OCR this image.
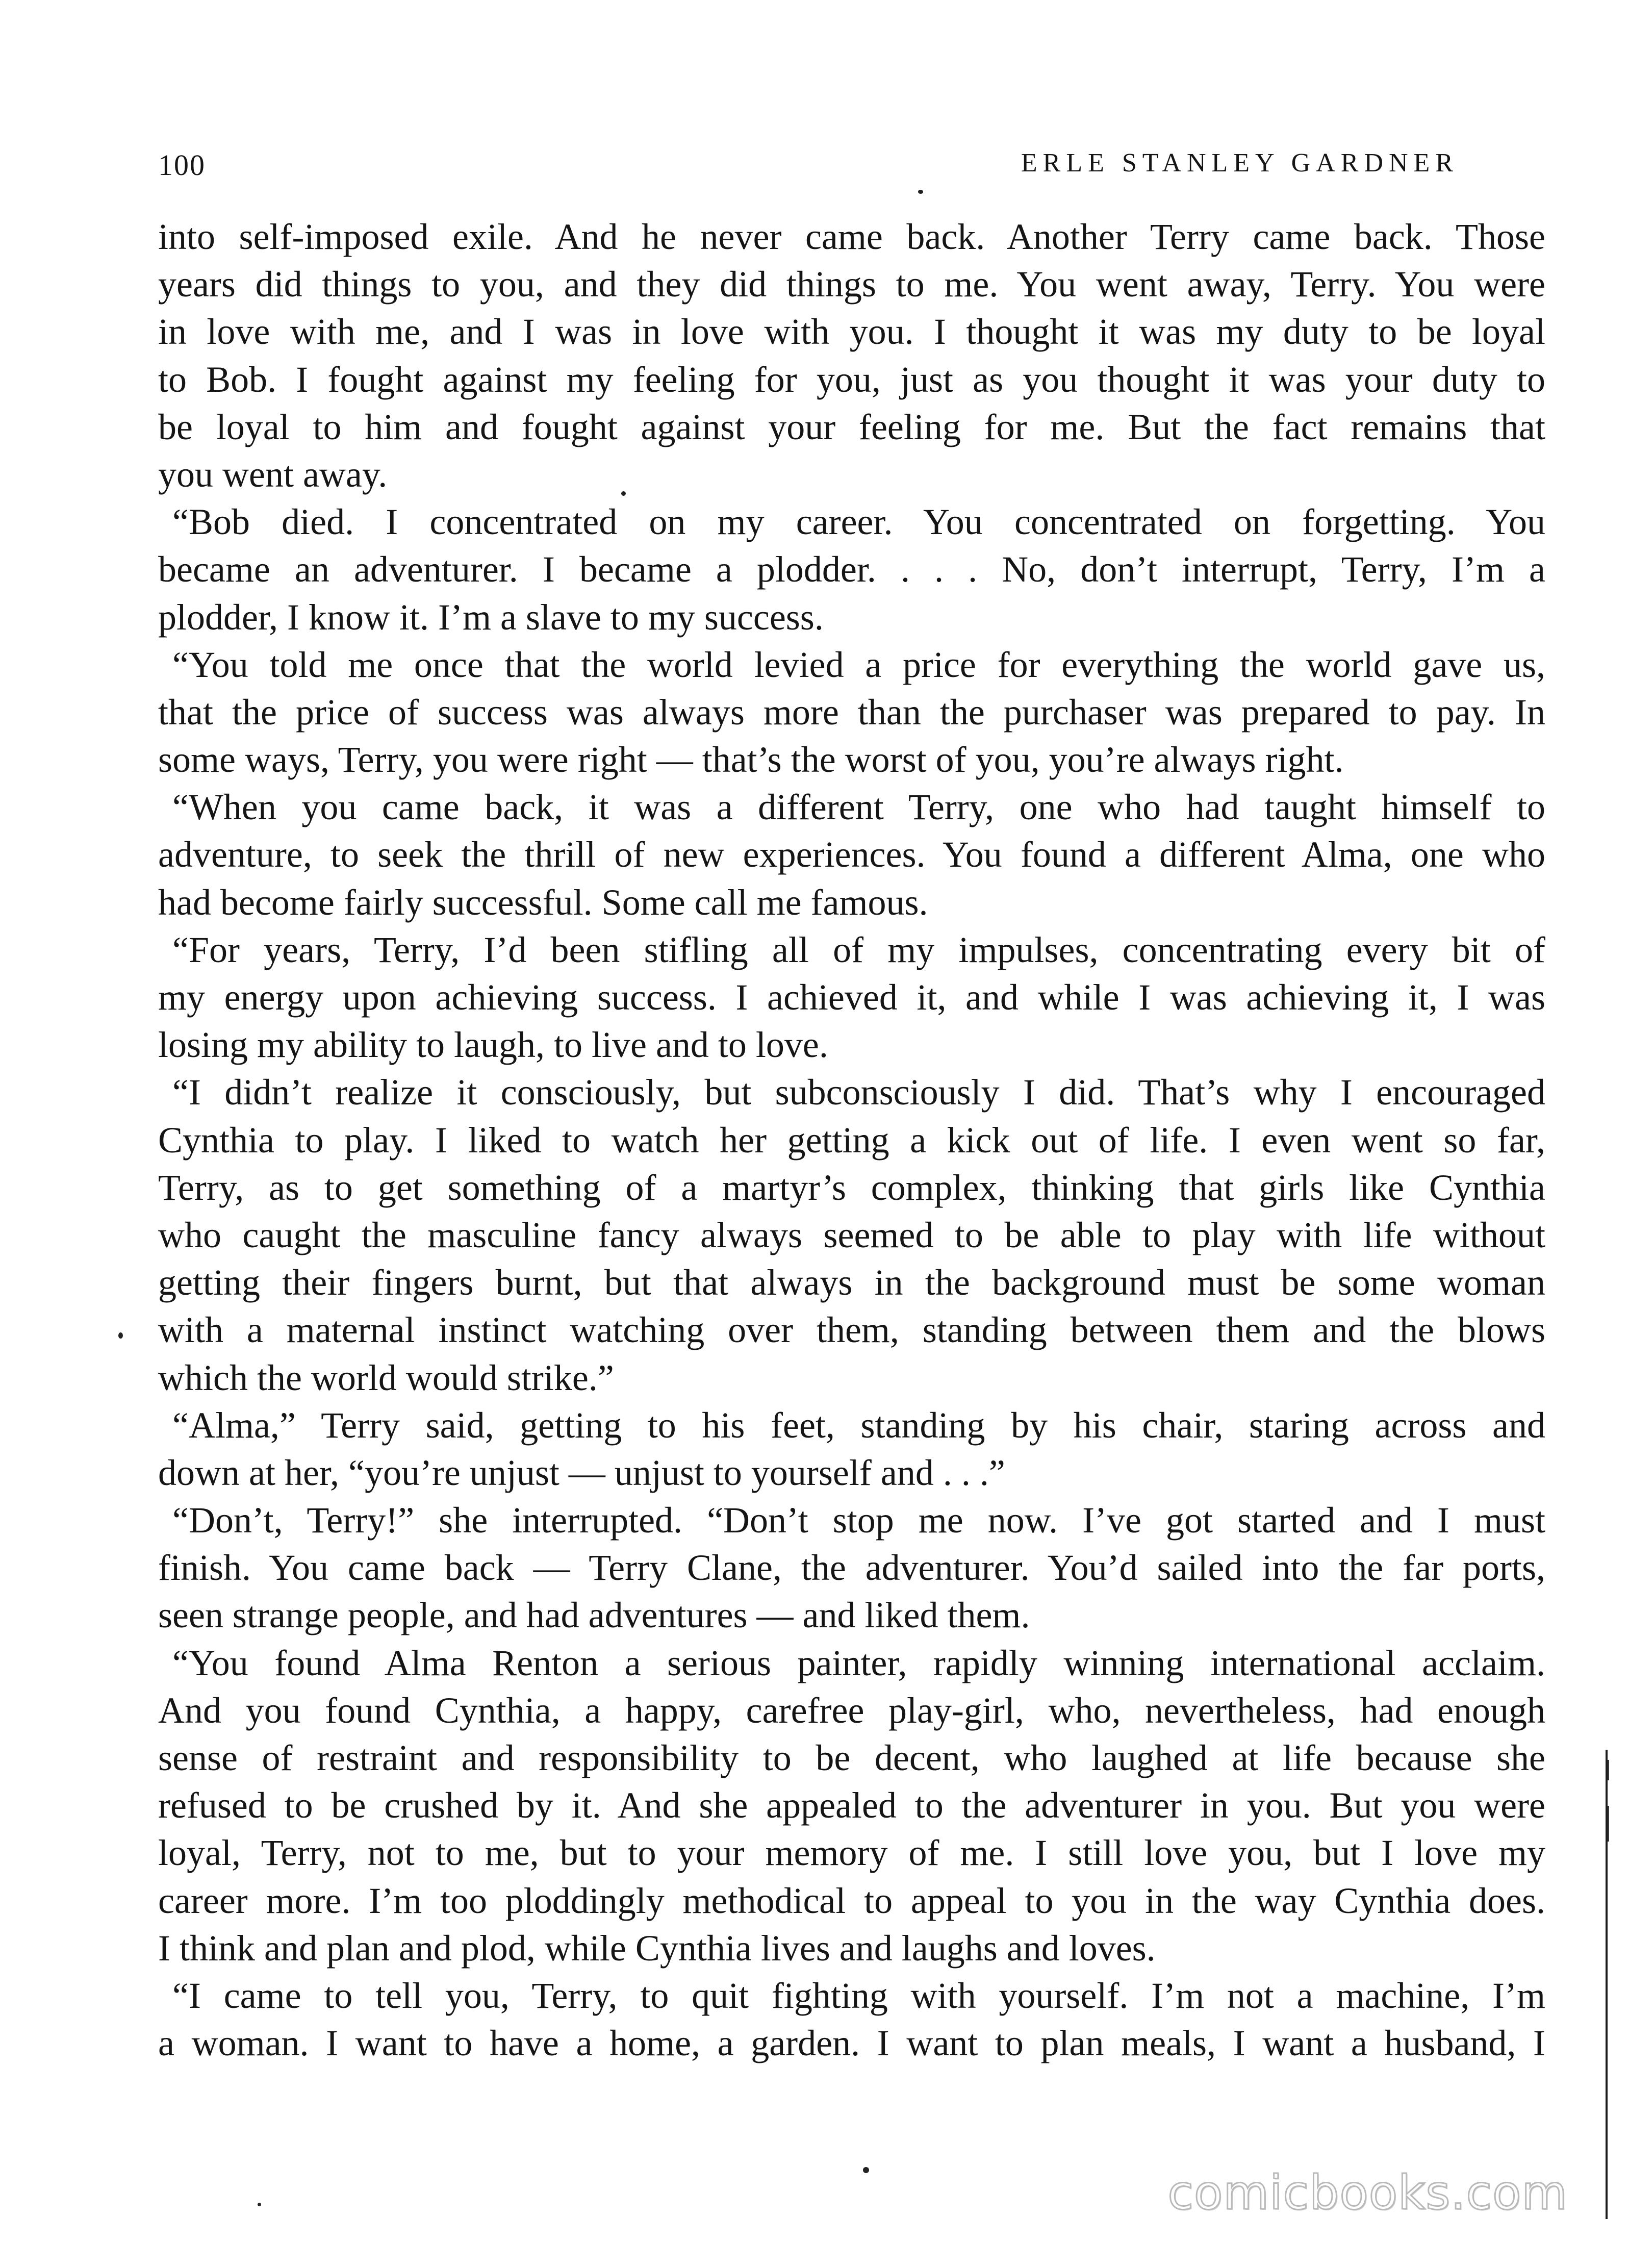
100	ERLE STANLEY GARDNER
into self-imposed exile. And he never came back. Another Terry came back. Those
years did things to you, and they did things to me. You went away, Terry. You were
in love with me, and I was in love with you. I thought it was my duty to be loyal
to Bob. I fought against my feeling for you, just as you thought it was your duty to
be loyal to him and fought against your feeling for me. But the fact remains that
you went away.
“Bob died. I concentrated on my career. You concentrated on forgetting. You
became an adventurer. I became a plodder. . . . No, don’t interrupt, Terry, I’m a
plodder, I know it. I’m a slave to my success.
“You told me once that the world levied a price for everything the world gave us,
that the price of success was always more than the purchaser was prepared to pay. In
some ways, Terry, you were right — that’s the worst of you, you’re always right.
“When you came back, it was a different Terry, one who had taught himself to
adventure, to seek the thrill of new experiences. You found a different Alma, one who
had become fairly successful. Some call me famous.
“For years, Terry, I’d been stifling all of my impulses, concentrating every bit of
my energy upon achieving success. I achieved it, and while I was achieving it, I was
losing my ability to laugh, to live and to love.
“I didn’t realize it consciously, but subconsciously I did. That’s why I encouraged
Cynthia to play. I liked to watch her getting a kick out of life. I even went so far,
Terry, as to get something of a martyr’s complex, thinking that girls like Cynthia
who caught the masculine fancy always seemed to be able to play with life without
getting their fingers burnt, but that always in the background must be some woman
with a maternal instinct watching over them, standing between them and the blows
which the world would strike.”
“Alma,” Terry said, getting to his feet, standing by his chair, staring across and
down at her, “you’re unjust — unjust to yourself and . . .”
“Don’t, Terry!” she interrupted. “Don’t stop me now. I’ve got started and I must
finish. You came back — Terry Clane, the adventurer. You’d sailed into the far ports,
seen strange people, and had adventures — and liked them.
“You found Alma Renton a serious painter, rapidly winning international acclaim.
And you found Cynthia, a happy, carefree play-girl, who, nevertheless, had enough
sense of restraint and responsibility to be decent, who laughed at life because she
refused to be crushed by it. And she appealed to the adventurer in you. But you were
loyal, Terry, not to me, but to your memory of me. I still love you, but I love my
career more. I’m too ploddingly methodical to appeal to you in the way Cynthia does.
I think and plan and plod, while Cynthia lives and laughs and loves.
“I came to tell you, Terry, to quit fighting with yourself. I’m not a machine, I’m
a woman. I want to have a home, a garden. I want to plan meals, I want a husband, I
comicbooks.com
